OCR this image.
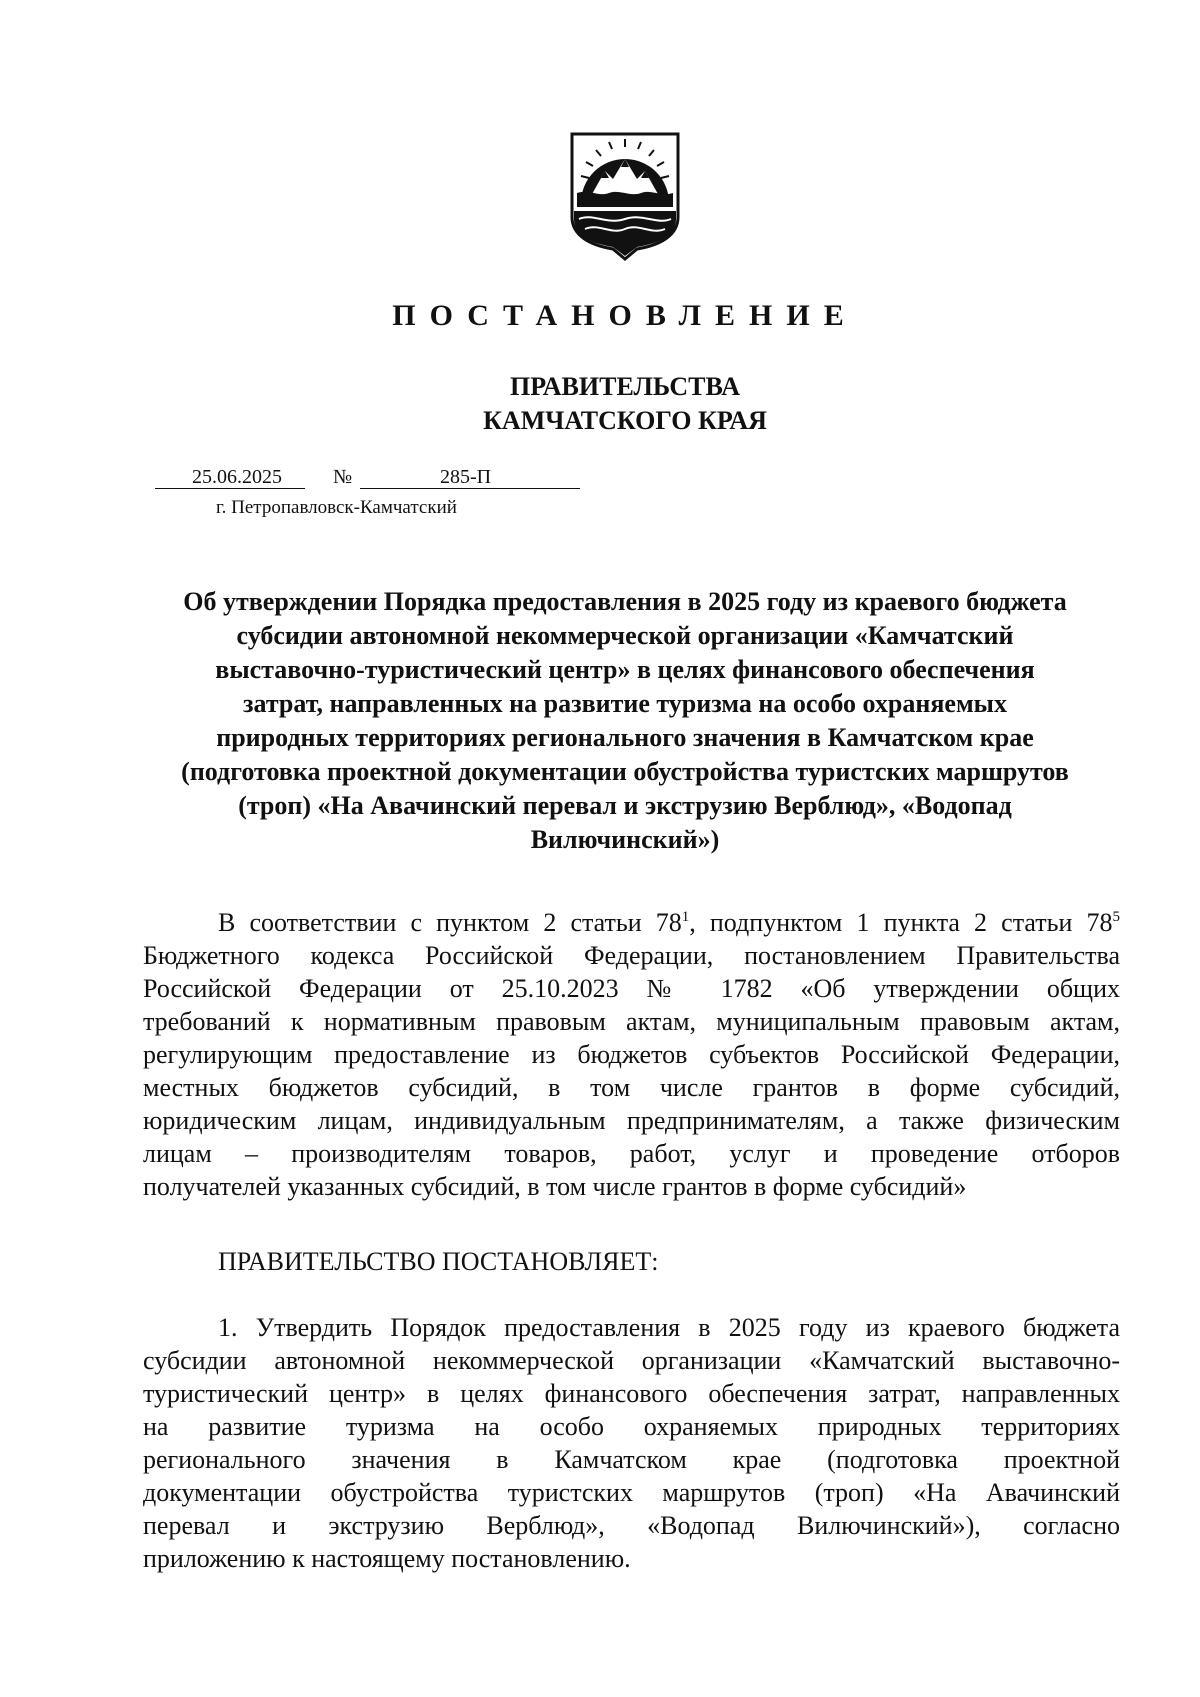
ПОСТАНОВЛЕНИЕ
ПРАВИТЕЛЬСТВА
КАМЧАТСКОГО КРАЯ
25.06.2025	№	285-П
г. Петропавловск-Камчатский
Об утверждении Порядка предоставления в 2025 году из краевого бюджета
субсидии автономной некоммерческой организации «Камчатский
выставочно-туристический центр» в целях финансового обеспечения
затрат, направленных на развитие туризма на особо охраняемых
природных территориях регионального значения в Камчатском крае
(подготовка проектной документации обустройства туристских маршрутов
(троп) «На Авачинский перевал и экструзию Верблюд», «Водопад
Вилючинский»)
В соответствии с пунктом 2 статьи $78^1$, подпунктом 1 пункта 2 статьи $78^5$
Бюджетного кодекса Российской Федерации, постановлением Правительства
Российской Федерации от 25.10.2023 № 1782 «Об утверждении общих
требований к нормативным правовым актам, муниципальным правовым актам,
регулирующим предоставление из бюджетов субъектов Российской Федерации,
местных бюджетов субсидий, в том числе грантов в форме субсидий,
юридическим лицам, индивидуальным предпринимателям, а также физическим
лицам – производителям товаров, работ, услуг и проведение отборов
получателей указанных субсидий, в том числе грантов в форме субсидий»
ПРАВИТЕЛЬСТВО ПОСТАНОВЛЯЕТ:
1. Утвердить Порядок предоставления в 2025 году из краевого бюджета
субсидии автономной некоммерческой организации «Камчатский выставочно-
туристический центр» в целях финансового обеспечения затрат, направленных
на развитие туризма на особо охраняемых природных территориях
регионального значения в Камчатском крае (подготовка проектной
документации обустройства туристских маршрутов (троп) «На Авачинский
перевал и экструзию Верблюд», «Водопад Вилючинский»), согласно
приложению к настоящему постановлению.
